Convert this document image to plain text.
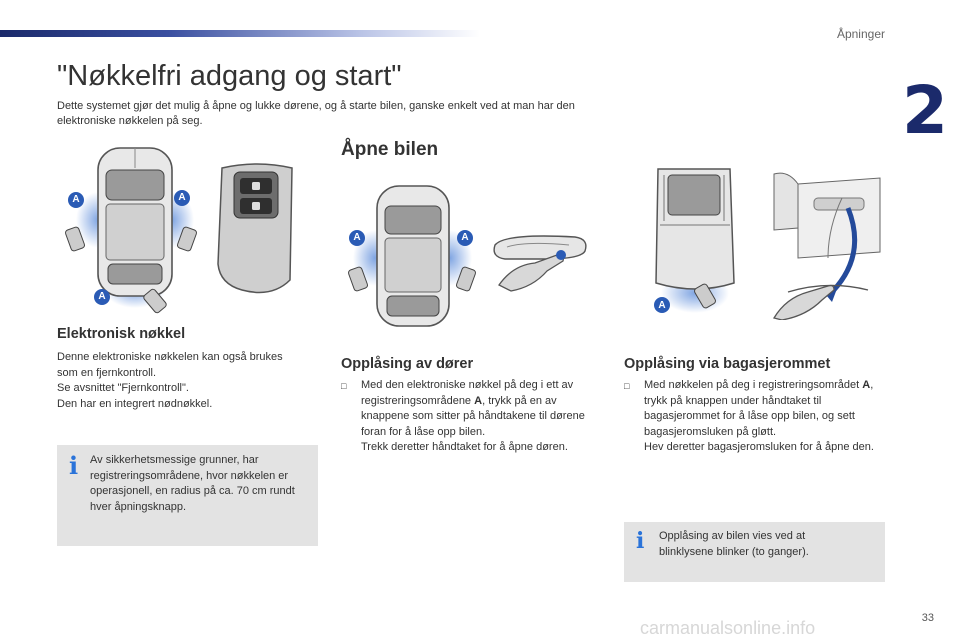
Åpninger
2
"Nøkkelfri adgang og start"

Dette systemet gjør det mulig å åpne og lukke dørene, og å starte bilen, ganske enkelt ved at man har den elektroniske nøkkelen på seg.

A	A
A
Elektronisk nøkkel
Denne elektroniske nøkkelen kan også brukes
som en fjernkontroll.
Se avsnittet "Fjernkontroll".
Den har en integrert nødnøkkel.
i Av sikkerhetsmessige grunner, har registreringsområdene, hvor nøkkelen er operasjonell, en radius på ca. 70 cm rundt hver åpningsknapp.
Åpne bilen
A	A
Opplåsing av dører
□	Med den elektroniske nøkkel på deg i ett av registreringsområdene A, trykk på en av knappene som sitter på håndtakene til dørene foran for å låse opp bilen.
Trekk deretter håndtaket for å åpne døren.
A
Opplåsing via bagasjerommet
□	Med nøkkelen på deg i registreringsområdet A, trykk på knappen under håndtaket til bagasjerommet for å låse opp bilen, og sett bagasjeromsluken på gløtt.
Hev deretter bagasjeromsluken for å åpne den.
i Opplåsing av bilen vies ved at blinklysene blinker (to ganger).
carmanualsonline.info	33
